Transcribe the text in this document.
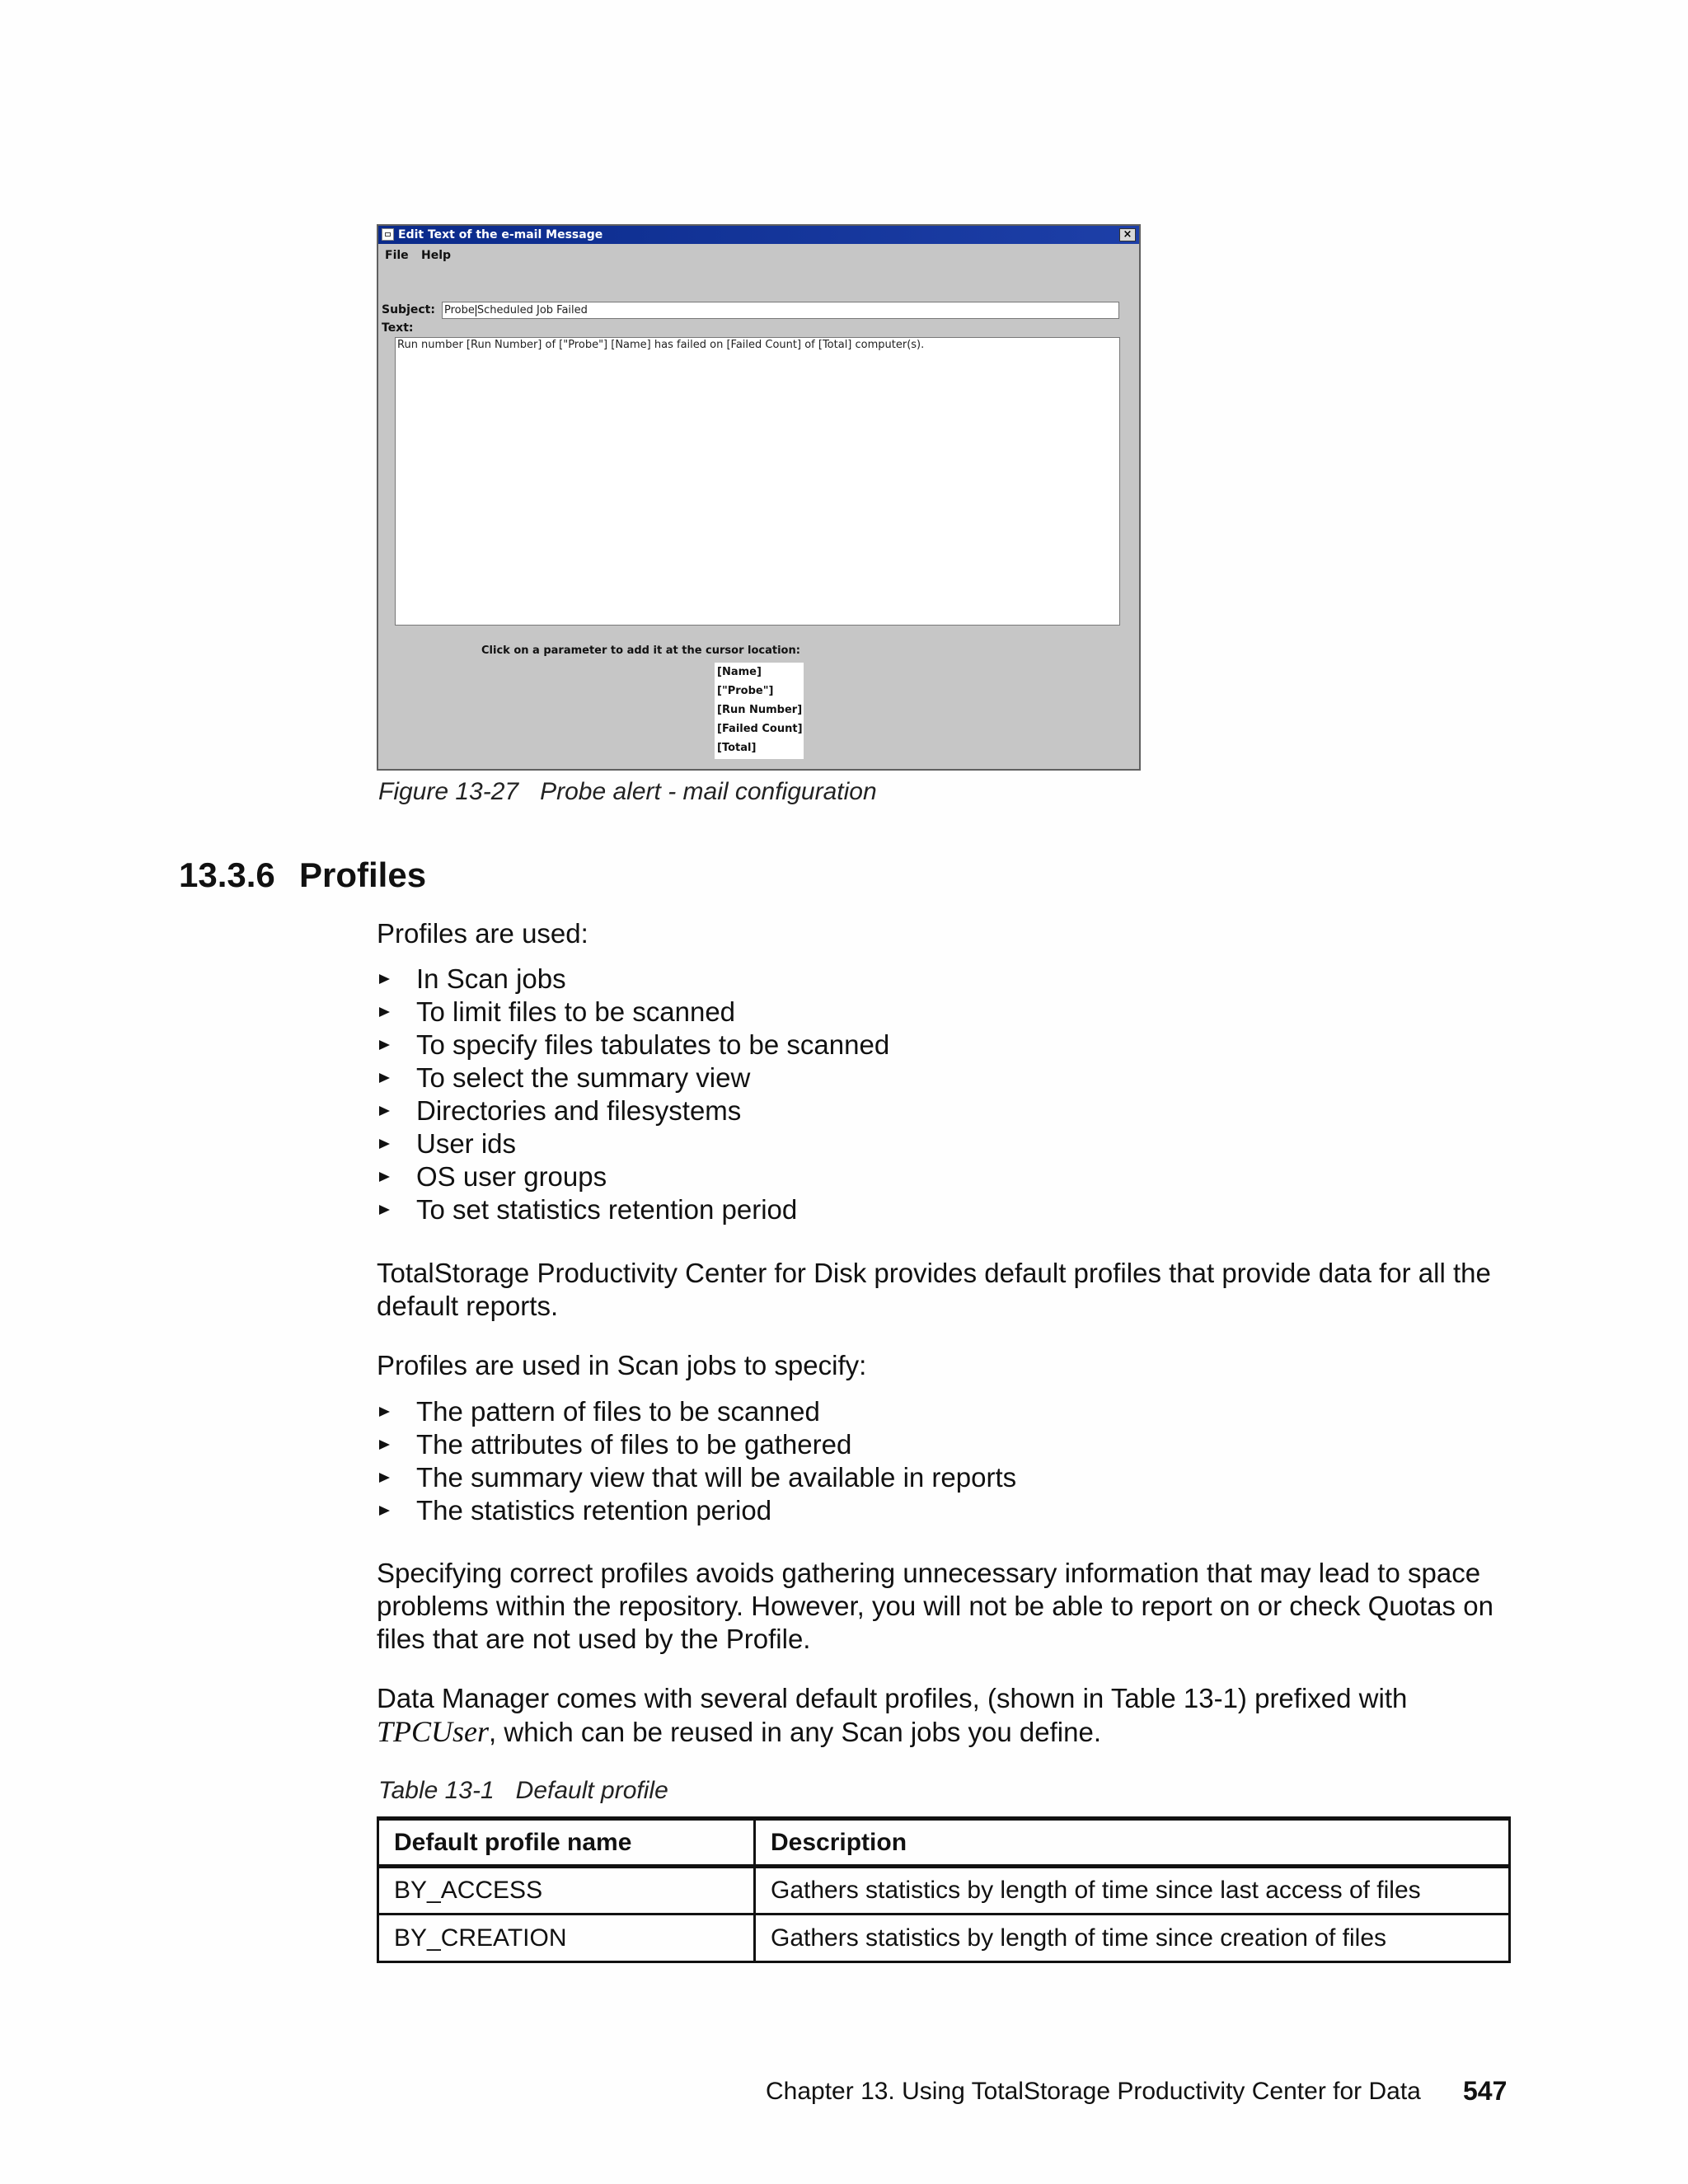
Edit Text of the e-mail Message	×
File Help
Subject: Probe Scheduled Job Failed
Text:
Run number [Run Number] of ["Probe"] [Name] has failed on [Failed Count] of [Total] computer(s).
Click on a parameter to add it at the cursor location:
[Name]
["Probe"]
[Run Number]
[Failed Count]
[Total]
Figure 13-27 Probe alert - mail configuration
13.3.6 Profiles
Profiles are used:
In Scan jobs
To limit files to be scanned
To specify files tabulates to be scanned
To select the summary view
Directories and filesystems
User ids
OS user groups
To set statistics retention period
TotalStorage Productivity Center for Disk provides default profiles that provide data for all the default reports.
Profiles are used in Scan jobs to specify:
The pattern of files to be scanned
The attributes of files to be gathered
The summary view that will be available in reports
The statistics retention period
Specifying correct profiles avoids gathering unnecessary information that may lead to space problems within the repository. However, you will not be able to report on or check Quotas on files that are not used by the Profile.
Data Manager comes with several default profiles, (shown in Table 13-1) prefixed with TPCUser, which can be reused in any Scan jobs you define.
Table 13-1 Default profile
Default profile name	Description
BY_ACCESS	Gathers statistics by length of time since last access of files
BY_CREATION	Gathers statistics by length of time since creation of files
Chapter 13. Using TotalStorage Productivity Center for Data 547
